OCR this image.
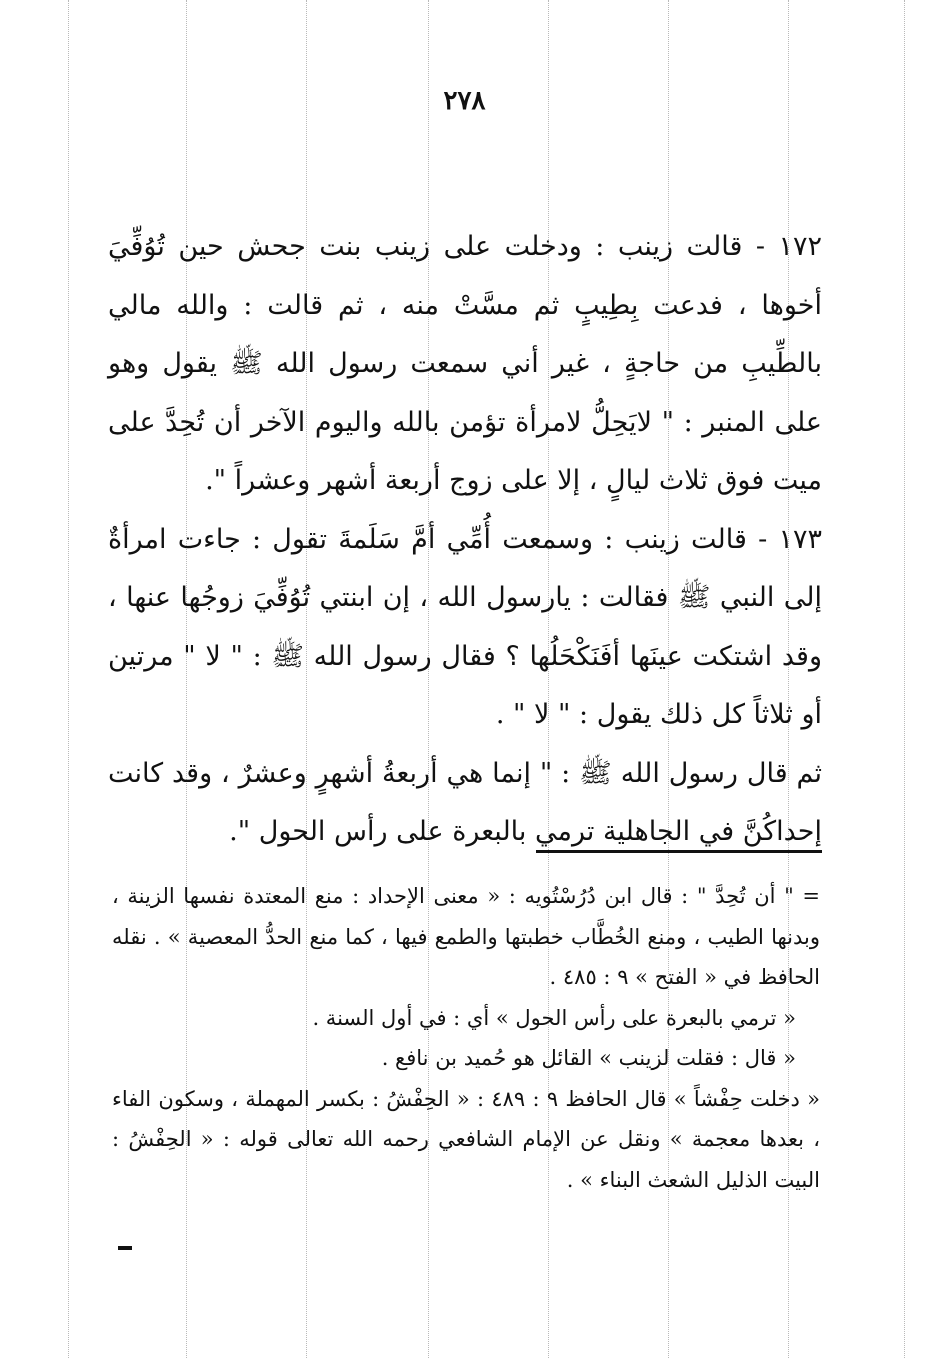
٢٧٨

١٧٢ - قالت زينب : ودخلت على زينب بنت جحش حين تُوُفِّيَ أخوها ، فدعت بِطِيبٍ ثم مسَّتْ منه ، ثم قالت : والله مالي بالطِّيبِ من حاجةٍ ، غير أني سمعت رسول الله ﷺ يقول وهو على المنبر : " لايَحِلُّ لامرأة تؤمن بالله واليوم الآخر أن تُحِدَّ على ميت فوق ثلاث ليالٍ ، إلا على زوج أربعة أشهر وعشراً ".

١٧٣ - قالت زينب : وسمعت أُمِّي أمَّ سَلَمةَ تقول : جاءت امرأةٌ إلى النبي ﷺ فقالت : يارسول الله ، إن ابنتي تُوُفِّيَ زوجُها عنها ، وقد اشتكت عينَها أفَنَكْحَلُها ؟ فقال رسول الله ﷺ : " لا " مرتين أو ثلاثاً كل ذلك يقول : " لا " .

ثم قال رسول الله ﷺ : " إنما هي أربعةُ أشهرٍ وعشرٌ ، وقد كانت إحداكُنَّ في الجاهلية ترمي بالبعرة على رأس الحول ".

= " أن تُحِدَّ " : قال ابن دُرُسْتُويه : « معنى الإحداد : منع المعتدة نفسها الزينة ، وبدنها الطيب ، ومنع الخُطَّاب خطبتها والطمع فيها ، كما منع الحدُّ المعصية » . نقله الحافظ في « الفتح » ٩ : ٤٨٥ .

« ترمي بالبعرة على رأس الحول » أي : في أول السنة .

« قال : فقلت لزينب » القائل هو حُميد بن نافع .

« دخلت حِفْشاً » قال الحافظ ٩ : ٤٨٩ : « الحِفْشُ : بكسر المهملة ، وسكون الفاء ، بعدها معجمة » ونقل عن الإمام الشافعي رحمه الله تعالى قوله : « الحِفْشُ : البيت الذليل الشعث البناء » .
